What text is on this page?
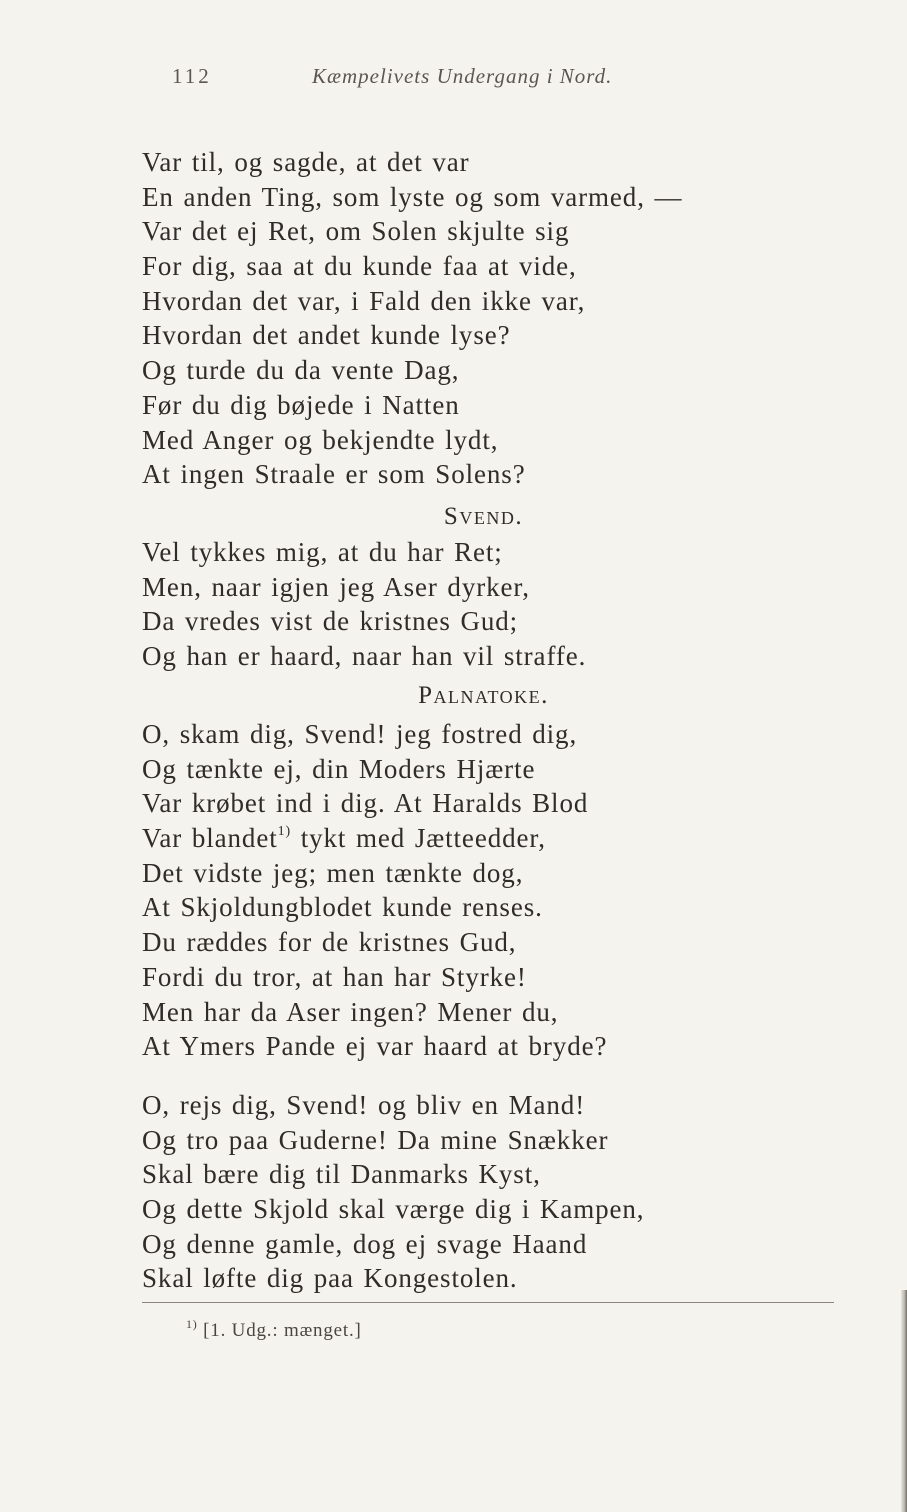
112	Kæmpelivets Undergang i Nord.
Var til, og sagde, at det var
En anden Ting, som lyste og som varmed, —
Var det ej Ret, om Solen skjulte sig
For dig, saa at du kunde faa at vide,
Hvordan det var, i Fald den ikke var,
Hvordan det andet kunde lyse?
Og turde du da vente Dag,
Før du dig bøjede i Natten
Med Anger og bekjendte lydt,
At ingen Straale er som Solens?
Svend.
Vel tykkes mig, at du har Ret;
Men, naar igjen jeg Aser dyrker,
Da vredes vist de kristnes Gud;
Og han er haard, naar han vil straffe.
Palnatoke.
O, skam dig, Svend! jeg fostred dig,
Og tænkte ej, din Moders Hjærte
Var krøbet ind i dig. At Haralds Blod
Var blandet$^{1)}$ tykt med Jætteedder,
Det vidste jeg; men tænkte dog,
At Skjoldungblodet kunde renses.
Du ræddes for de kristnes Gud,
Fordi du tror, at han har Styrke!
Men har da Aser ingen? Mener du,
At Ymers Pande ej var haard at bryde?
O, rejs dig, Svend! og bliv en Mand!
Og tro paa Guderne! Da mine Snækker
Skal bære dig til Danmarks Kyst,
Og dette Skjold skal værge dig i Kampen,
Og denne gamle, dog ej svage Haand
Skal løfte dig paa Kongestolen.
$^{1)}$ [1. Udg.: mænget.]
